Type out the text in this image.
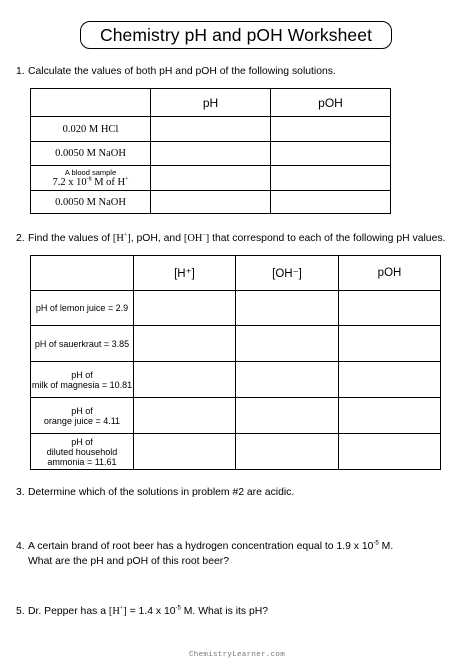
Chemistry pH and pOH Worksheet
1. Calculate the values of both pH and pOH of the following solutions.
	pH	pOH
0.020 M HCl		
0.0050 M NaOH		

A blood sample
7.2 x $10^{-8}$ M of H+

0.0050 M NaOH		
2. Find the values of [H+], pOH, and [OH−] that correspond to each of the following pH values.
	[H⁺]	[OH⁻]	pOH

pH of lemon juice = 2.9			

pH of sauerkraut = 3.85			

pH of
milk of magnesia = 10.81			

pH of
orange juice = 4.11			

pH of
diluted household
ammonia = 11.61			

3. Determine which of the solutions in problem #2 are acidic.
4. A certain brand of root beer has a hydrogen concentration equal to 1.9 x $10^{-5}$ M.
What are the pH and pOH of this root beer?
5. Dr. Pepper has a [H+] = 1.4 x $10^{-5}$ M. What is its pH?
ChemistryLearner.com
